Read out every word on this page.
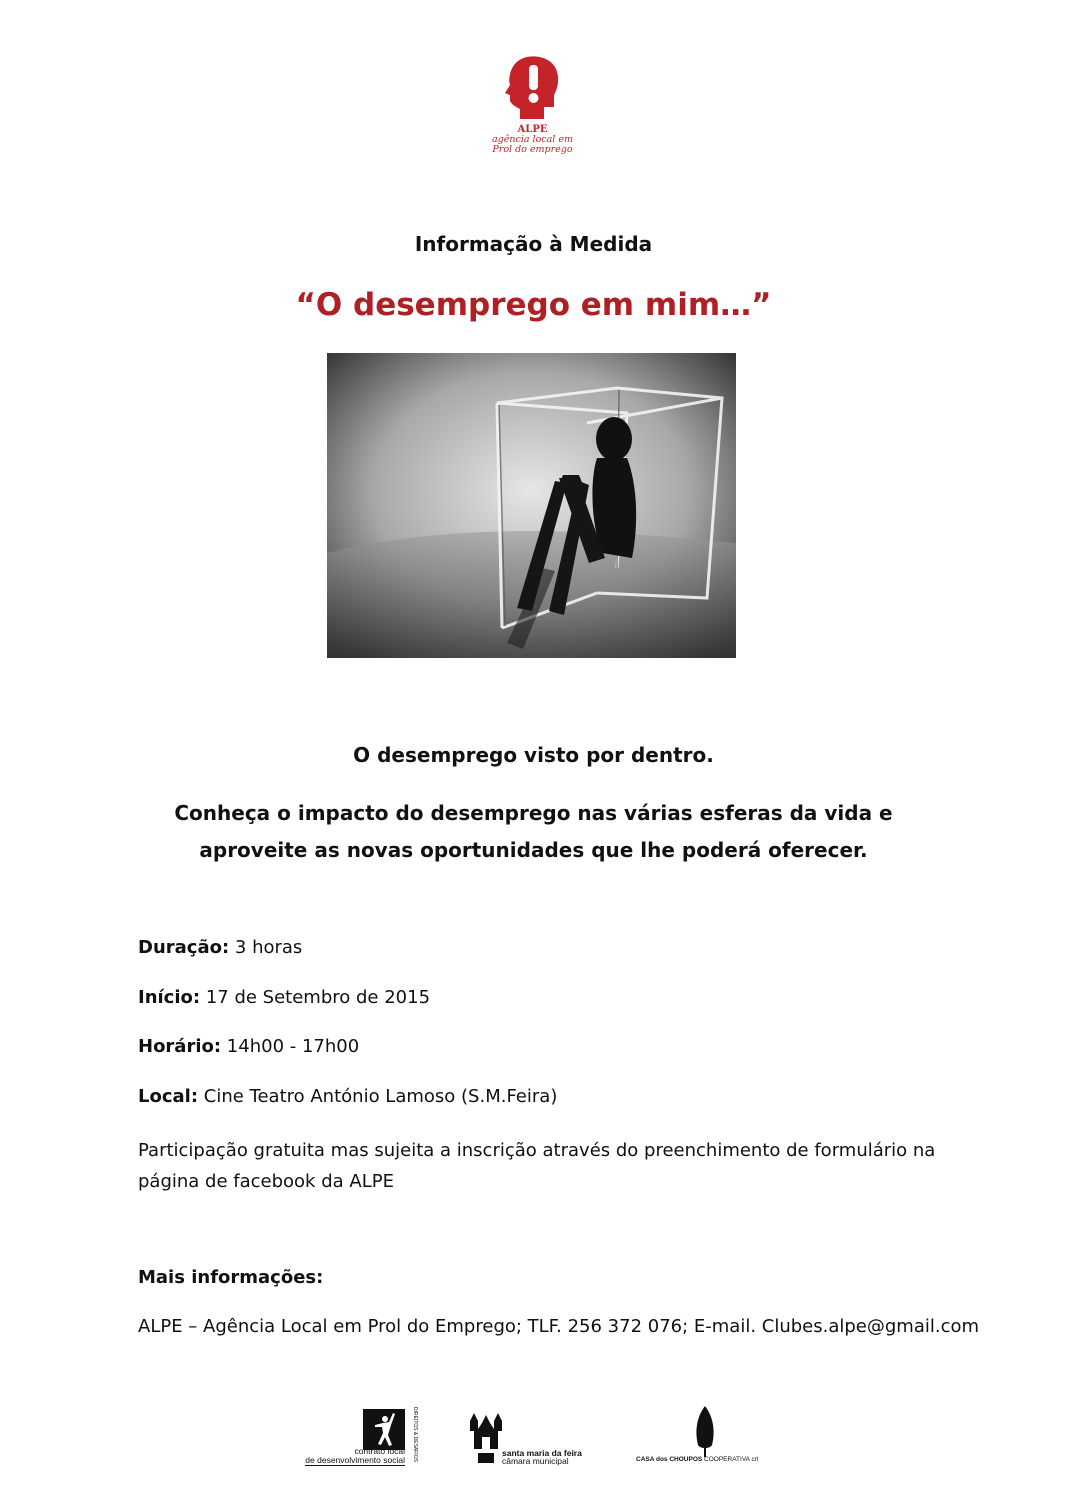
ALPE
agência local em
Prol do emprego
Informação à Medida
“O desemprego em mim…”
O desemprego visto por dentro.
Conheça o impacto do desemprego nas várias esferas da vida e aproveite as novas oportunidades que lhe poderá oferecer.
Duração: 3 horas
Início: 17 de Setembro de 2015
Horário: 14h00 - 17h00
Local: Cine Teatro António Lamoso (S.M.Feira)
Participação gratuita mas sujeita a inscrição através do preenchimento de formulário na página de facebook da ALPE
Mais informações:
ALPE – Agência Local em Prol do Emprego; TLF. 256 372 076; E-mail. Clubes.alpe@gmail.com
DIREITOS & DESAFIOS
contrato local
de desenvolvimento social
santa maria da feira
câmara municipal	CASA dos CHOUPOS COOPERATIVA crl
